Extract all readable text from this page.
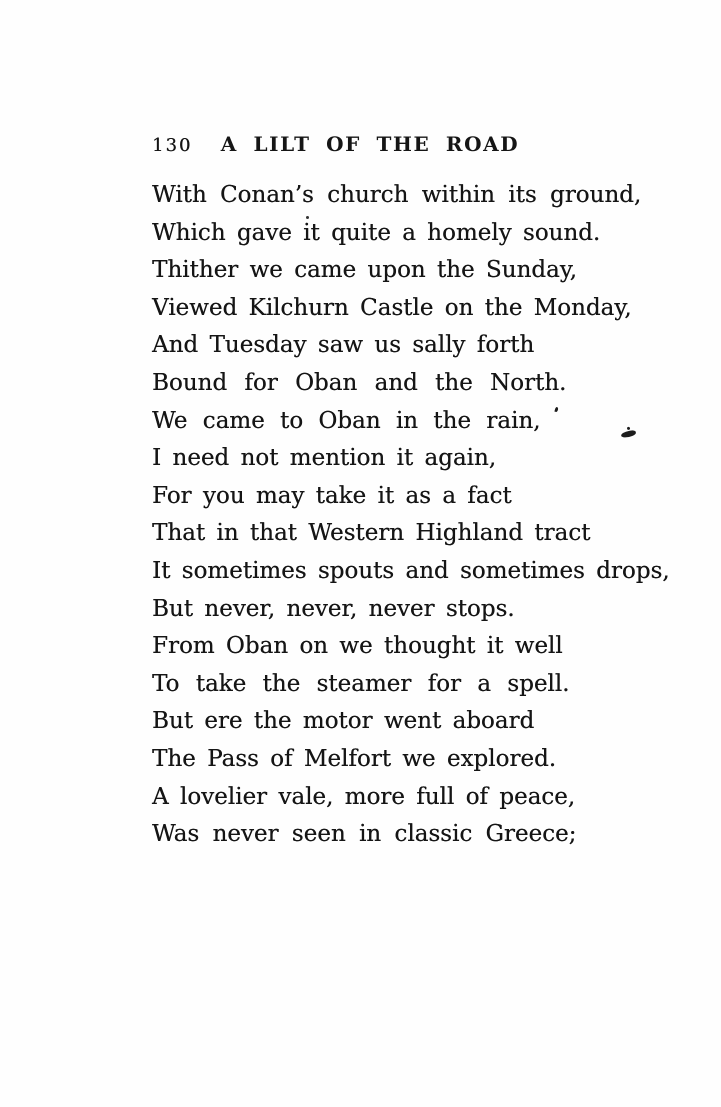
130	A LILT OF THE ROAD
With Conan’s church within its ground,
Which gave it quite a homely sound.
Thither we came upon the Sunday,
Viewed Kilchurn Castle on the Monday,
And Tuesday saw us sally forth
Bound for Oban and the North.
We came to Oban in the rain,
I need not mention it again,
For you may take it as a fact
That in that Western Highland tract
It sometimes spouts and sometimes drops,
But never, never, never stops.
From Oban on we thought it well
To take the steamer for a spell.
But ere the motor went aboard
The Pass of Melfort we explored.
A lovelier vale, more full of peace,
Was never seen in classic Greece;
